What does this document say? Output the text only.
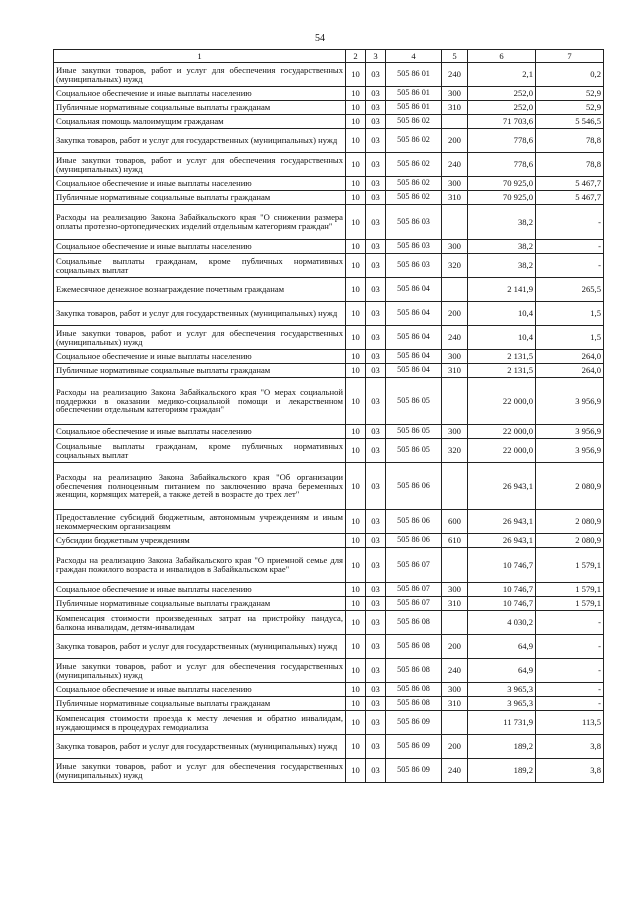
54
1	2	3	4	5	6	7
Иные закупки товаров, работ и услуг для обеспечения государственных (муниципальных) нужд	10	03	505 86 01	240	2,1	0,2
Социальное обеспечение и иные выплаты населению	10	03	505 86 01	300	252,0	52,9
Публичные нормативные социальные выплаты гражданам	10	03	505 86 01	310	252,0	52,9
Социальная помощь малоимущим гражданам	10	03	505 86 02		71 703,6	5 546,5
Закупка товаров, работ и услуг для государственных (муниципальных) нужд	10	03	505 86 02	200	778,6	78,8
Иные закупки товаров, работ и услуг для обеспечения государственных (муниципальных) нужд	10	03	505 86 02	240	778,6	78,8
Социальное обеспечение и иные выплаты населению	10	03	505 86 02	300	70 925,0	5 467,7
Публичные нормативные социальные выплаты гражданам	10	03	505 86 02	310	70 925,0	5 467,7
Расходы на реализацию Закона Забайкальского края "О снижении размера оплаты протезно-ортопедических изделий отдельным категориям граждан"	10	03	505 86 03		38,2	-
Социальное обеспечение и иные выплаты населению	10	03	505 86 03	300	38,2	-
Социальные выплаты гражданам, кроме публичных нормативных социальных выплат	10	03	505 86 03	320	38,2	-
Ежемесячное денежное вознаграждение почетным гражданам	10	03	505 86 04		2 141,9	265,5
Закупка товаров, работ и услуг для государственных (муниципальных) нужд	10	03	505 86 04	200	10,4	1,5
Иные закупки товаров, работ и услуг для обеспечения государственных (муниципальных) нужд	10	03	505 86 04	240	10,4	1,5
Социальное обеспечение и иные выплаты населению	10	03	505 86 04	300	2 131,5	264,0
Публичные нормативные социальные выплаты гражданам	10	03	505 86 04	310	2 131,5	264,0
Расходы на реализацию Закона Забайкальского края "О мерах социальной поддержки в оказании медико-социальной помощи и лекарственном обеспечении отдельным категориям граждан"	10	03	505 86 05		22 000,0	3 956,9
Социальное обеспечение и иные выплаты населению	10	03	505 86 05	300	22 000,0	3 956,9
Социальные выплаты гражданам, кроме публичных нормативных социальных выплат	10	03	505 86 05	320	22 000,0	3 956,9
Расходы на реализацию Закона Забайкальского края "Об организации обеспечения полноценным питанием по заключению врача беременных женщин, кормящих матерей, а также детей в возрасте до трех лет"	10	03	505 86 06		26 943,1	2 080,9
Предоставление субсидий бюджетным, автономным учреждениям и иным некоммерческим организациям	10	03	505 86 06	600	26 943,1	2 080,9
Субсидии бюджетным учреждениям	10	03	505 86 06	610	26 943,1	2 080,9
Расходы на реализацию Закона Забайкальского края "О приемной семье для граждан пожилого возраста и инвалидов в Забайкальском крае"	10	03	505 86 07		10 746,7	1 579,1
Социальное обеспечение и иные выплаты населению	10	03	505 86 07	300	10 746,7	1 579,1
Публичные нормативные социальные выплаты гражданам	10	03	505 86 07	310	10 746,7	1 579,1
Компенсация стоимости произведенных затрат на пристройку пандуса, балкона инвалидам, детям-инвалидам	10	03	505 86 08		4 030,2	-
Закупка товаров, работ и услуг для государственных (муниципальных) нужд	10	03	505 86 08	200	64,9	-
Иные закупки товаров, работ и услуг для обеспечения государственных (муниципальных) нужд	10	03	505 86 08	240	64,9	-
Социальное обеспечение и иные выплаты населению	10	03	505 86 08	300	3 965,3	-
Публичные нормативные социальные выплаты гражданам	10	03	505 86 08	310	3 965,3	-
Компенсация стоимости проезда к месту лечения и обратно инвалидам, нуждающимся в процедурах гемодиализа	10	03	505 86 09		11 731,9	113,5
Закупка товаров, работ и услуг для государственных (муниципальных) нужд	10	03	505 86 09	200	189,2	3,8
Иные закупки товаров, работ и услуг для обеспечения государственных (муниципальных) нужд	10	03	505 86 09	240	189,2	3,8
